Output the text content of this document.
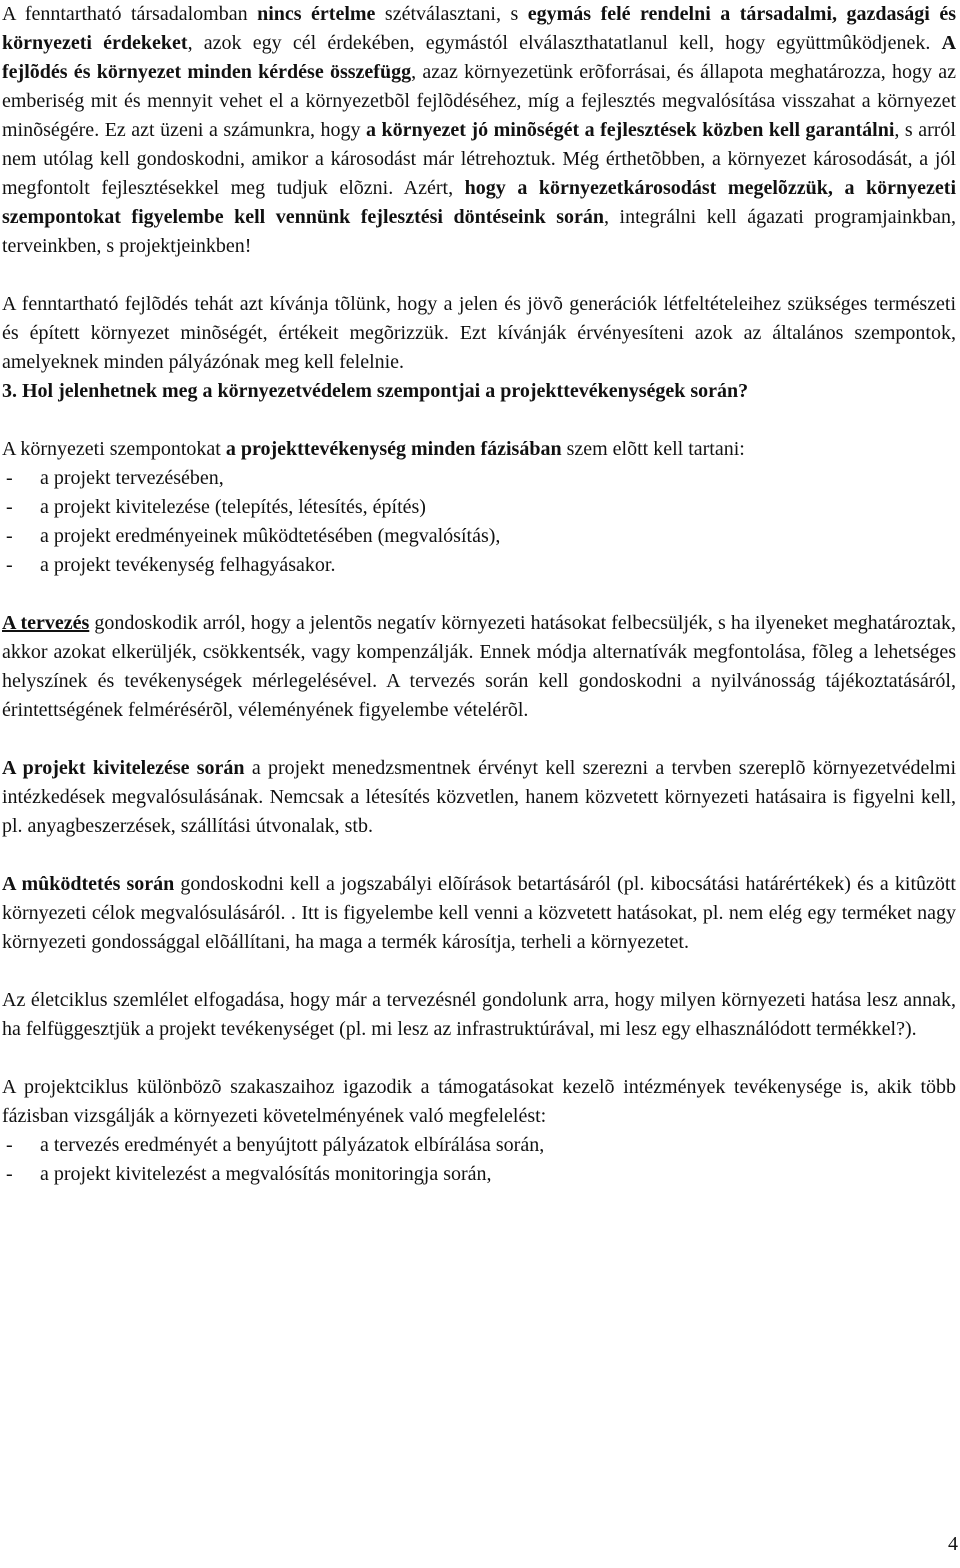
A fenntartható társadalomban nincs értelme szétválasztani, s egymás felé rendelni a társadalmi, gazdasági és környezeti érdekeket, azok egy cél érdekében, egymástól elválaszthatatlanul kell, hogy együttmûködjenek. A fejlõdés és környezet minden kérdése összefügg, azaz környezetünk erõforrásai, és állapota meghatározza, hogy az emberiség mit és mennyit vehet el a környezetbõl fejlõdéséhez, míg a fejlesztés megvalósítása visszahat a környezet minõségére. Ez azt üzeni a számunkra, hogy a környezet jó minõségét a fejlesztések közben kell garantálni, s arról nem utólag kell gondoskodni, amikor a károsodást már létrehoztuk. Még érthetõbben, a környezet károsodását, a jól megfontolt fejlesztésekkel meg tudjuk elõzni. Azért, hogy a környezetkárosodást megelõzzük, a környezeti szempontokat figyelembe kell vennünk fejlesztési döntéseink során, integrálni kell ágazati programjainkban, terveinkben, s projektjeinkben!

A fenntartható fejlõdés tehát azt kívánja tõlünk, hogy a jelen és jövõ generációk létfeltételeihez szükséges természeti és épített környezet minõségét, értékeit megõrizzük. Ezt kívánják érvényesíteni azok az általános szempontok, amelyeknek minden pályázónak meg kell felelnie.

3. Hol jelenhetnek meg a környezetvédelem szempontjai a projekttevékenységek során?

A környezeti szempontokat a projekttevékenység minden fázisában szem elõtt kell tartani:

- a projekt tervezésében,
- a projekt kivitelezése (telepítés, létesítés, építés)
- a projekt eredményeinek mûködtetésében (megvalósítás),
- a projekt tevékenység felhagyásakor.

A tervezés gondoskodik arról, hogy a jelentõs negatív környezeti hatásokat felbecsüljék, s ha ilyeneket meghatároztak, akkor azokat elkerüljék, csökkentsék, vagy kompenzálják. Ennek módja alternatívák megfontolása, fõleg a lehetséges helyszínek és tevékenységek mérlegelésével. A tervezés során kell gondoskodni a nyilvánosság tájékoztatásáról, érintettségének felmérésérõl, véleményének figyelembe vételérõl.

A projekt kivitelezése során a projekt menedzsmentnek érvényt kell szerezni a tervben szereplõ környezetvédelmi intézkedések megvalósulásának. Nemcsak a létesítés közvetlen, hanem közvetett környezeti hatásaira is figyelni kell, pl. anyagbeszerzések, szállítási útvonalak, stb.

A mûködtetés során gondoskodni kell a jogszabályi elõírások betartásáról (pl. kibocsátási határértékek) és a kitûzött környezeti célok megvalósulásáról. . Itt is figyelembe kell venni a közvetett hatásokat, pl. nem elég egy terméket nagy környezeti gondossággal elõállítani, ha maga a termék károsítja, terheli a környezetet.

Az életciklus szemlélet elfogadása, hogy már a tervezésnél gondolunk arra, hogy milyen környezeti hatása lesz annak, ha felfüggesztjük a projekt tevékenységet (pl. mi lesz az infrastruktúrával, mi lesz egy elhasználódott termékkel?).

A projektciklus különbözõ szakaszaihoz igazodik a támogatásokat kezelõ intézmények tevékenysége is, akik több fázisban vizsgálják a környezeti követelményének való megfelelést:

- a tervezés eredményét a benyújtott pályázatok elbírálása során,
- a projekt kivitelezést a megvalósítás monitoringja során,
4
